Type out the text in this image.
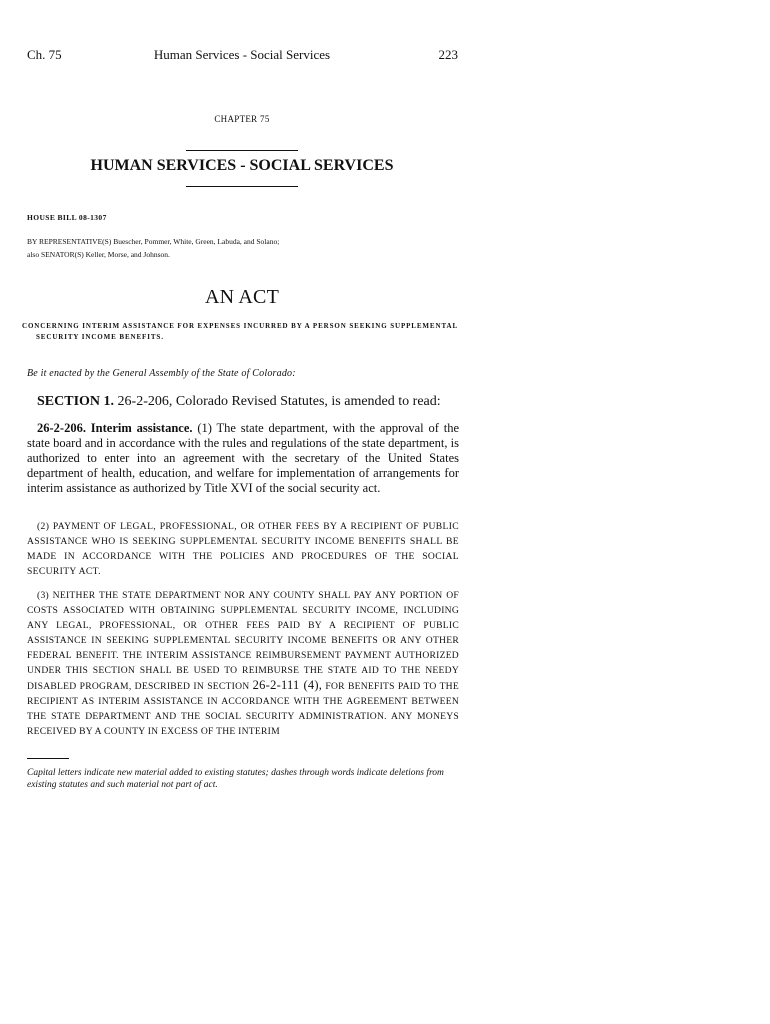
Ch. 75	Human Services - Social Services	223
CHAPTER 75
HUMAN SERVICES - SOCIAL SERVICES
HOUSE BILL 08-1307
BY REPRESENTATIVE(S) Buescher, Pommer, White, Green, Labuda, and Solano;
also SENATOR(S) Keller, Morse, and Johnson.
AN ACT
CONCERNING INTERIM ASSISTANCE FOR EXPENSES INCURRED BY A PERSON SEEKING SUPPLEMENTAL
SECURITY INCOME BENEFITS.
Be it enacted by the General Assembly of the State of Colorado:
SECTION 1. 26-2-206, Colorado Revised Statutes, is amended to read:
26-2-206. Interim assistance. (1) The state department, with the approval of the state board and in accordance with the rules and regulations of the state department, is authorized to enter into an agreement with the secretary of the United States department of health, education, and welfare for implementation of arrangements for interim assistance as authorized by Title XVI of the social security act.
(2) PAYMENT OF LEGAL, PROFESSIONAL, OR OTHER FEES BY A RECIPIENT OF PUBLIC ASSISTANCE WHO IS SEEKING SUPPLEMENTAL SECURITY INCOME BENEFITS SHALL BE MADE IN ACCORDANCE WITH THE POLICIES AND PROCEDURES OF THE SOCIAL SECURITY ACT.
(3) NEITHER THE STATE DEPARTMENT NOR ANY COUNTY SHALL PAY ANY PORTION OF COSTS ASSOCIATED WITH OBTAINING SUPPLEMENTAL SECURITY INCOME, INCLUDING ANY LEGAL, PROFESSIONAL, OR OTHER FEES PAID BY A RECIPIENT OF PUBLIC ASSISTANCE IN SEEKING SUPPLEMENTAL SECURITY INCOME BENEFITS OR ANY OTHER FEDERAL BENEFIT. THE INTERIM ASSISTANCE REIMBURSEMENT PAYMENT AUTHORIZED UNDER THIS SECTION SHALL BE USED TO REIMBURSE THE STATE AID TO THE NEEDY DISABLED PROGRAM, DESCRIBED IN SECTION 26-2-111 (4), FOR BENEFITS PAID TO THE RECIPIENT AS INTERIM ASSISTANCE IN ACCORDANCE WITH THE AGREEMENT BETWEEN THE STATE DEPARTMENT AND THE SOCIAL SECURITY ADMINISTRATION. ANY MONEYS RECEIVED BY A COUNTY IN EXCESS OF THE INTERIM
Capital letters indicate new material added to existing statutes; dashes through words indicate deletions from existing statutes and such material not part of act.
